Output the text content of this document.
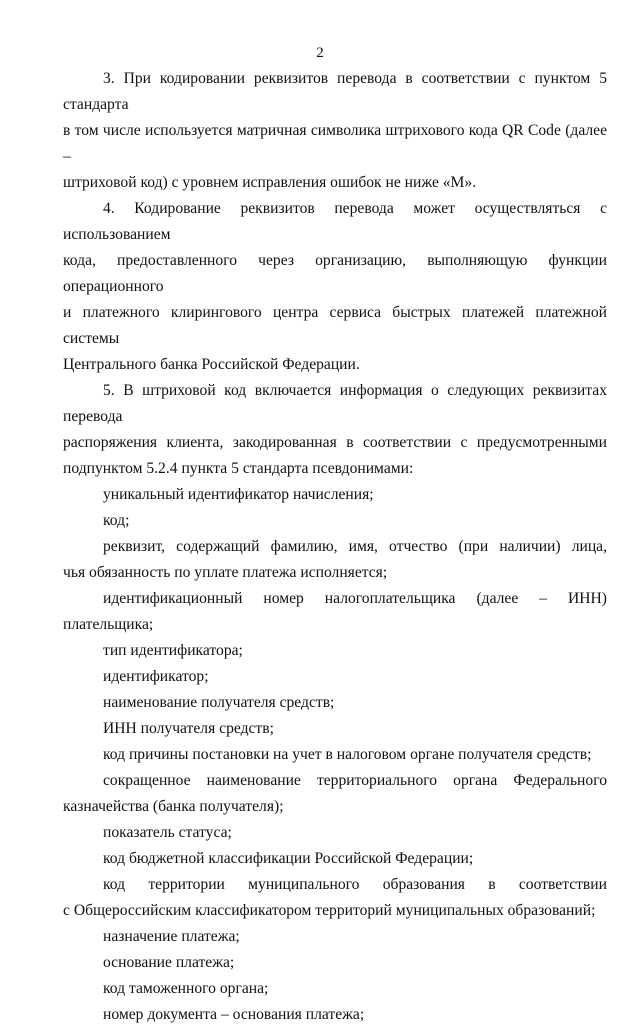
2
3. При кодировании реквизитов перевода в соответствии с пунктом 5 стандарта
в том числе используется матричная символика штрихового кода QR Code (далее –
штриховой код) с уровнем исправления ошибок не ниже «М».
4. Кодирование реквизитов перевода может осуществляться с использованием
кода, предоставленного через организацию, выполняющую функции операционного
и платежного клирингового центра сервиса быстрых платежей платежной системы
Центрального банка Российской Федерации.
5. В штриховой код включается информация о следующих реквизитах перевода
распоряжения клиента, закодированная в соответствии с предусмотренными
подпунктом 5.2.4 пункта 5 стандарта псевдонимами:
уникальный идентификатор начисления;
код;
реквизит, содержащий фамилию, имя, отчество (при наличии) лица,
чья обязанность по уплате платежа исполняется;
идентификационный номер налогоплательщика (далее – ИНН) плательщика;
тип идентификатора;
идентификатор;
наименование получателя средств;
ИНН получателя средств;
код причины постановки на учет в налоговом органе получателя средств;
сокращенное наименование территориального органа Федерального
казначейства (банка получателя);
показатель статуса;
код бюджетной классификации Российской Федерации;
код территории муниципального образования в соответствии
с Общероссийским классификатором территорий муниципальных образований;
назначение платежа;
основание платежа;
код таможенного органа;
номер документа – основания платежа;
